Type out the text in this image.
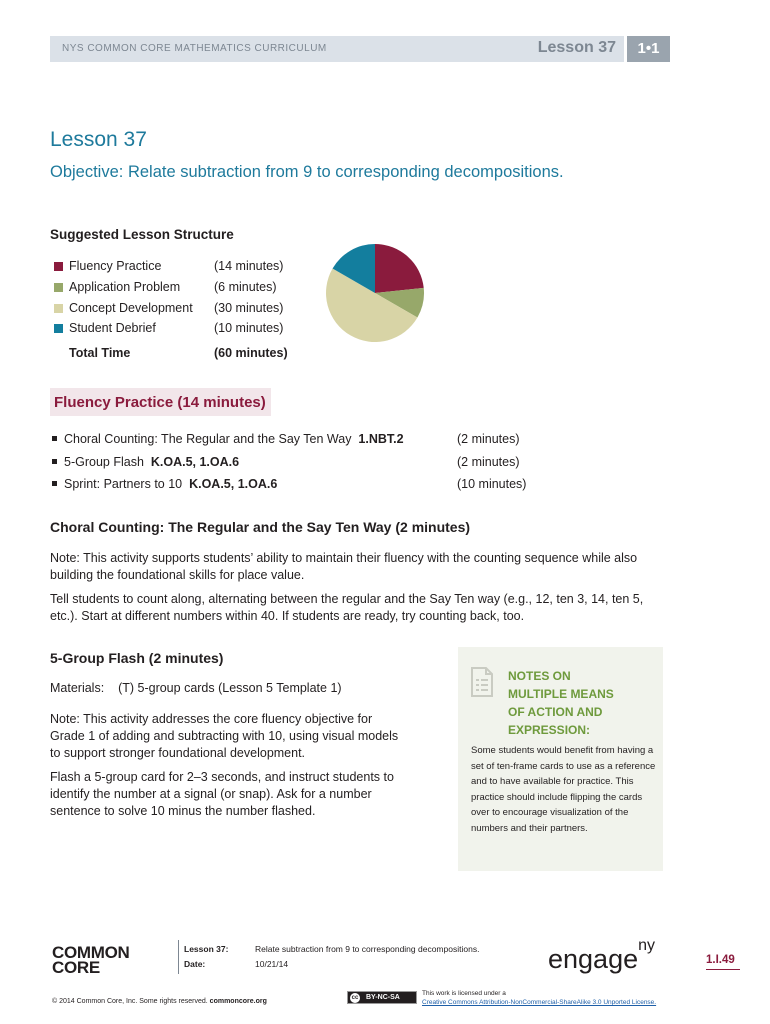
NYS COMMON CORE MATHEMATICS CURRICULUM	Lesson 37	1•1
Lesson 37
Objective: Relate subtraction from 9 to corresponding decompositions.
Suggested Lesson Structure
Fluency Practice	(14 minutes)
Application Problem	(6 minutes)
Concept Development (30 minutes)
Student Debrief	(10 minutes)
Total Time	(60 minutes)
Fluency Practice (14 minutes)
Choral Counting: The Regular and the Say Ten Way 1.NBT.2	(2 minutes)
5-Group Flash K.OA.5, 1.OA.6	(2 minutes)
Sprint: Partners to 10 K.OA.5, 1.OA.6	(10 minutes)
Choral Counting: The Regular and the Say Ten Way (2 minutes)
Note: This activity supports students’ ability to maintain their fluency with the counting sequence while also building the foundational skills for place value.
Tell students to count along, alternating between the regular and the Say Ten way (e.g., 12, ten 3, 14, ten 5, etc.). Start at different numbers within 40. If students are ready, try counting back, too.
5-Group Flash (2 minutes)
Materials:    (T) 5-group cards (Lesson 5 Template 1)
Note: This activity addresses the core fluency objective for Grade 1 of adding and subtracting with 10, using visual models to support stronger foundational development.
Flash a 5-group card for 2–3 seconds, and instruct students to identify the number at a signal (or snap). Ask for a number sentence to solve 10 minus the number flashed.
NOTES ON
MULTIPLE MEANS
OF ACTION AND
EXPRESSION:
Some students would benefit from having a set of ten-frame cards to use as a reference and to have available for practice. This practice should include flipping the cards over to encourage visualization of the numbers and their partners.
COMMON
CORE
Lesson 37:	Relate subtraction from 9 to corresponding decompositions.
Date:	10/21/14	engage$^{ny}$
1.I.49
© 2014 Common Core, Inc. Some rights reserved. commoncore.org	cc BY-NC-SA
This work is licensed under a
Creative Commons Attribution-NonCommercial-ShareAlike 3.0 Unported License.
